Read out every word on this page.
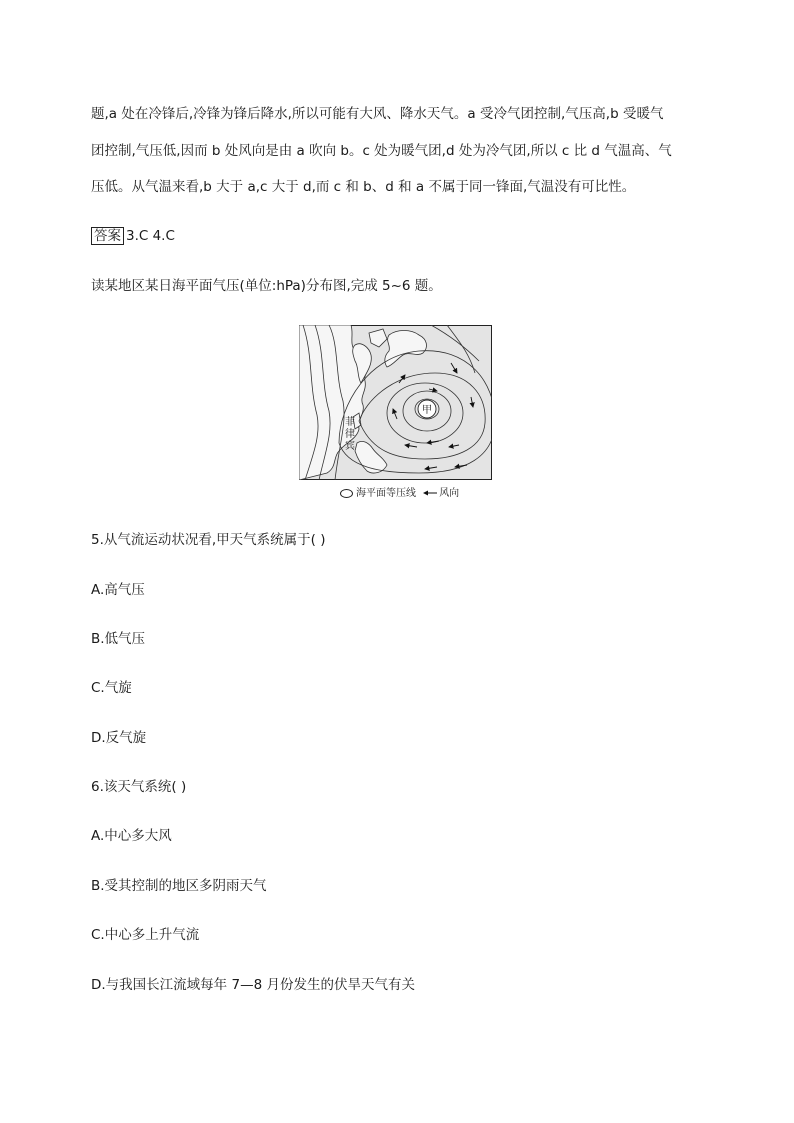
题,a 处在冷锋后,冷锋为锋后降水,所以可能有大风、降水天气。a 受冷气团控制,气压高,b 受暖气
团控制,气压低,因而 b 处风向是由 a 吹向 b。c 处为暖气团,d 处为冷气团,所以 c 比 d 气温高、气
压低。从气温来看,b 大于 a,c 大于 d,而 c 和 b、d 和 a 不属于同一锋面,气温没有可比性。
答案 3.C 4.C
读某地区某日海平面气压(单位:hPa)分布图,完成 5~6 题。
甲
菲
律
宾
海平面等压线 风向
5.从气流运动状况看,甲天气系统属于( )
A.高气压
B.低气压
C.气旋
D.反气旋
6.该天气系统( )
A.中心多大风
B.受其控制的地区多阴雨天气
C.中心多上升气流
D.与我国长江流域每年 7—8 月份发生的伏旱天气有关
